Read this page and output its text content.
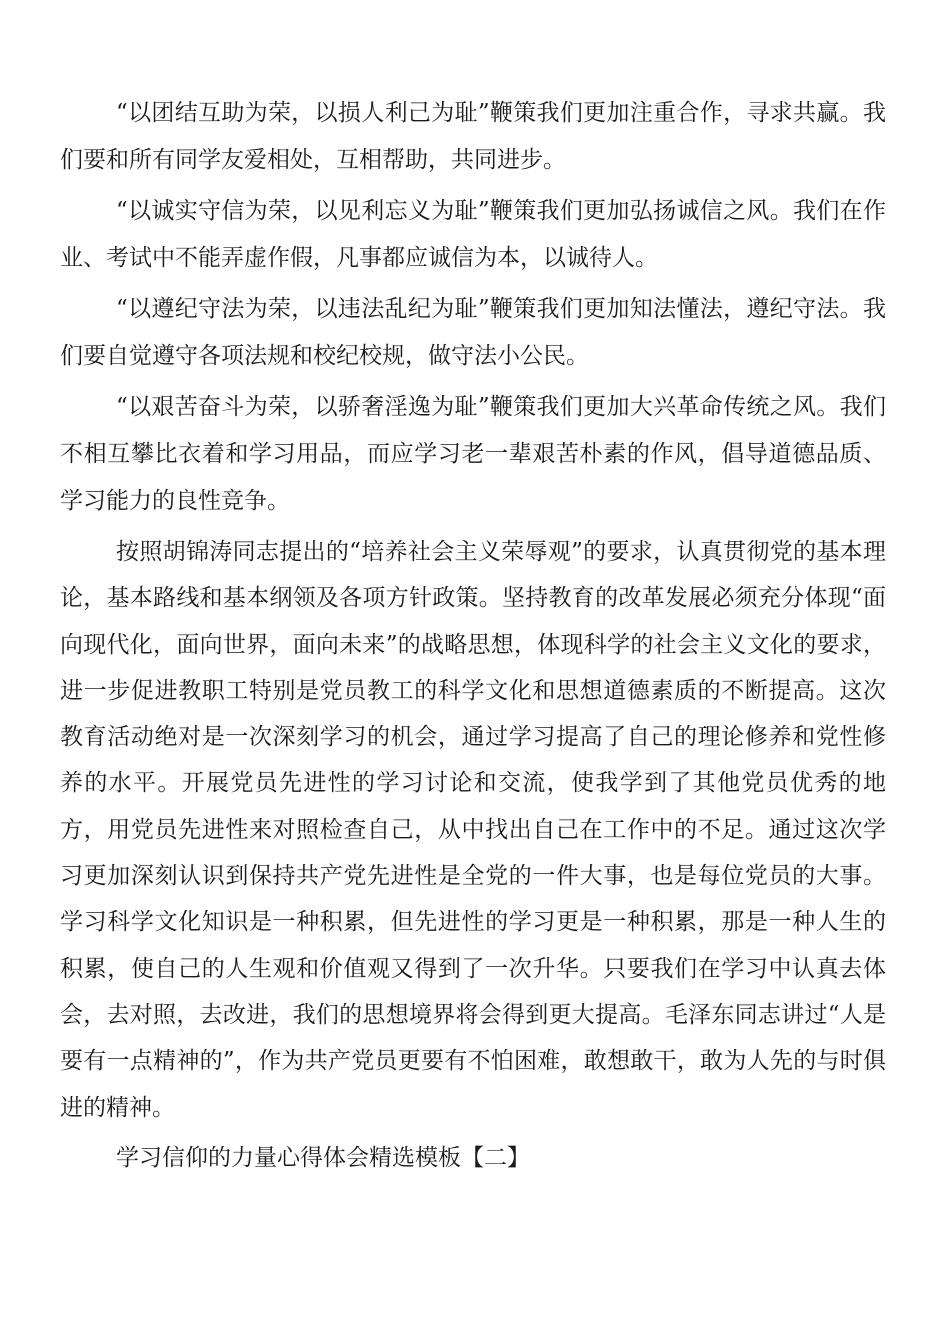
“以团结互助为荣，以损人利己为耻”鞭策我们更加注重合作，寻求共赢。我们要和所有同学友爱相处，互相帮助，共同进步。

“以诚实守信为荣，以见利忘义为耻”鞭策我们更加弘扬诚信之风。我们在作业、考试中不能弄虚作假，凡事都应诚信为本，以诚待人。

“以遵纪守法为荣，以违法乱纪为耻”鞭策我们更加知法懂法，遵纪守法。我们要自觉遵守各项法规和校纪校规，做守法小公民。

“以艰苦奋斗为荣，以骄奢淫逸为耻”鞭策我们更加大兴革命传统之风。我们不相互攀比衣着和学习用品，而应学习老一辈艰苦朴素的作风，倡导道德品质、学习能力的良性竞争。

按照胡锦涛同志提出的“培养社会主义荣辱观”的要求，认真贯彻党的基本理论，基本路线和基本纲领及各项方针政策。坚持教育的改革发展必须充分体现“面向现代化，面向世界，面向未来”的战略思想，体现科学的社会主义文化的要求，进一步促进教职工特别是党员教工的科学文化和思想道德素质的不断提高。这次教育活动绝对是一次深刻学习的机会，通过学习提高了自己的理论修养和党性修养的水平。开展党员先进性的学习讨论和交流，使我学到了其他党员优秀的地方，用党员先进性来对照检查自己，从中找出自己在工作中的不足。通过这次学习更加深刻认识到保持共产党先进性是全党的一件大事，也是每位党员的大事。学习科学文化知识是一种积累，但先进性的学习更是一种积累，那是一种人生的积累，使自己的人生观和价值观又得到了一次升华。只要我们在学习中认真去体会，去对照，去改进，我们的思想境界将会得到更大提高。毛泽东同志讲过“人是要有一点精神的”，作为共产党员更要有不怕困难，敢想敢干，敢为人先的与时俱进的精神。

学习信仰的力量心得体会精选模板【二】
